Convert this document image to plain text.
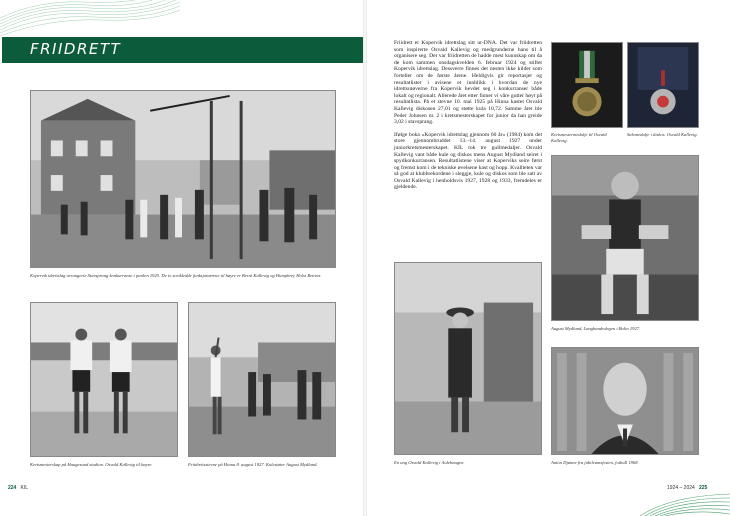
FRIIDRETT
Kopervik idrettslag arrangerte Stavsprang konkurranse i parken 1925. De to sortkledde funksjonærene til høyre er Bernt Kallevig og Humphrey Holst Renvez.
Kretsmesterskap på Haugesund stadion. Osvald Kallevig til høyre.	Friidrettsstevne på Hinna 8. august 1927. Kulestøter August Mydland.
224 KIL

Friidrett er Kopervik idrettslag sitt ur-DNA. Det var friidretten som inspirerte Osvald Kallevig og medgrunderne hans til å organisere seg. Det var friidretten de hadde mest kunnskap om da de kom sammen onsdagskvelden 6. februar 1924 og stiftet Kopervik idrettslag. Dessverre finnes det nesten ikke kilder som forteller om de første årene. Heldigvis gir reportasjer og resultatlister i avisene et innblikk i hvordan de nye idrettsutøverne fra Kopervik hevdet seg i konkurranser både lokalt og regionalt. Allerede året etter finner vi våre gutter høyt på resultatlista. På et stevne 10. mai 1925 på Hinna kastet Osvald Kallevig diskosen 27,01 og støtte kula 10,72. Samme året ble Peder Johnsen nr. 2 i kretsmesterskapet for junior da han greide 3,02 i stavsprang.

Ifølge boka «Kopervik idrettslag gjennom 60 år» (1984) kom det store gjennombruddet 13.–14. august 1927 under juniorkretsmesterskapet. KIL tok tre gullmedaljer. Osvald Kallevig vant både kule og diskos mens August Mydland seiret i spydkonkurransen. Resultatlistene viser at Koperviks seire først og fremst kom i de tekniske øvelsene kast og hopp. Kvaliteten var så god at klubbrekordene i sleggje, kule og diskos som ble satt av Osvald Kallevig i henholdsvis 1927, 1928 og 1933, fremdeles er gjeldende.

Kretsmestermedalje til Osvald Kallevig.
Sølvmedalje i diskos. Osvald Kallevig.
August Mydland, Langhandvdegen i Bolin 1927.
En ung Osvald Kallevig i Aulebaugen.	Anton Djønne fra jubileumsfesten, fotball 1968.
1924 – 2024 225
